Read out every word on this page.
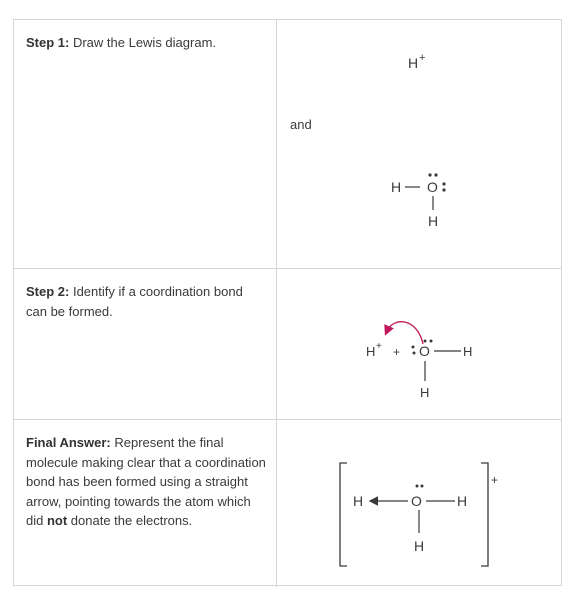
Step 1: Draw the Lewis diagram.
and
H +
H O
H
Step 2: Identify if a coordination bond can be formed.
H + + O	H
H
Final Answer: Represent the final molecule making clear that a coordination bond has been formed using a straight arrow, pointing towards the atom which did not donate the electrons.
+
H	O	H
H
